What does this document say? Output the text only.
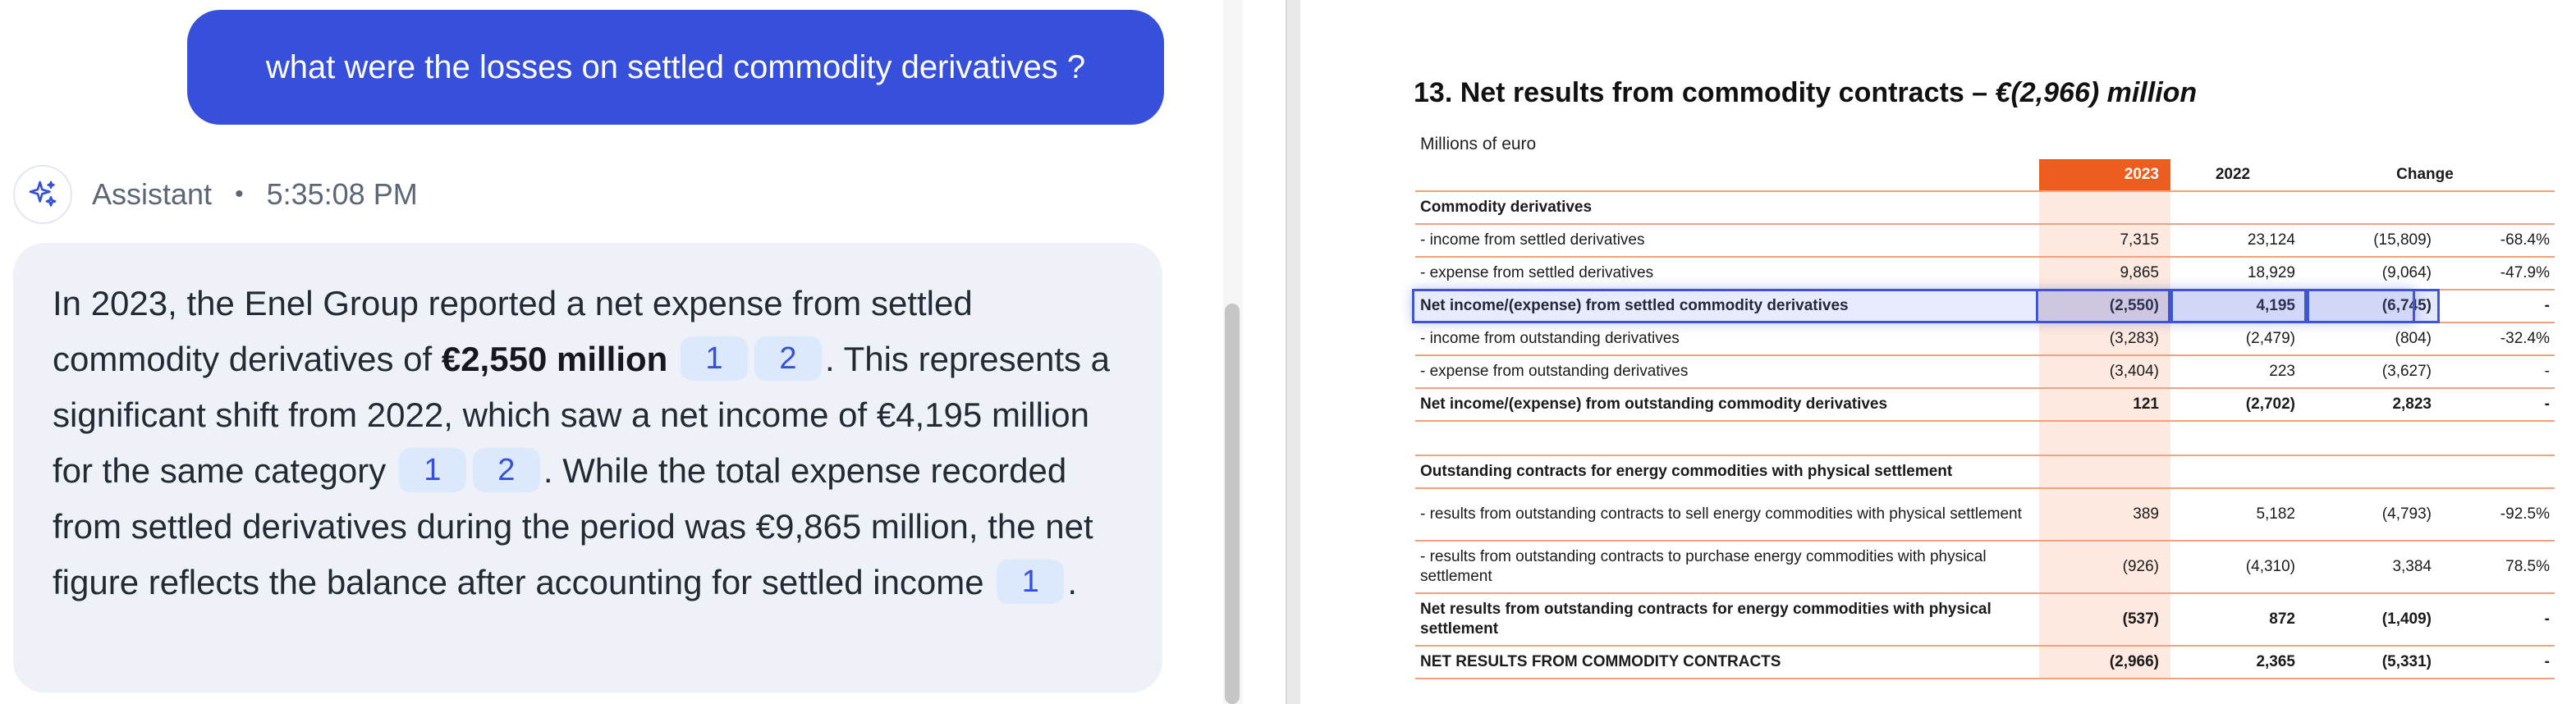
what were the losses on settled commodity derivatives ?
Assistant • 5:35:08 PM
In 2023, the Enel Group reported a net expense from settled commodity derivatives of €2,550 million 1 2 . This represents a significant shift from 2022, which saw a net income of €4,195 million for the same category 1 2 . While the total expense recorded from settled derivatives during the period was €9,865 million, the net figure reflects the balance after accounting for settled income 1 .
13. Net results from commodity contracts – €(2,966) million
Millions of euro
2023	2022	Change
Commodity derivatives
- income from settled derivatives	7,315	23,124	(15,809)	-68.4%
- expense from settled derivatives	9,865	18,929	(9,064)	-47.9%
Net income/(expense) from settled commodity derivatives	(2,550)	4,195	(6,745)	-
- income from outstanding derivatives	(3,283)	(2,479)	(804)	-32.4%
- expense from outstanding derivatives	(3,404)	223	(3,627)	-
Net income/(expense) from outstanding commodity derivatives	121	(2,702)	2,823	-
Outstanding contracts for energy commodities with physical settlement
- results from outstanding contracts to sell energy commodities with physical settlement	389	5,182	(4,793)	-92.5%
- results from outstanding contracts to purchase energy commodities with physical settlement
(926)	(4,310)	3,384	78.5%
Net results from outstanding contracts for energy commodities with physical settlement
(537)	872	(1,409)	-
NET RESULTS FROM COMMODITY CONTRACTS	(2,966)	2,365	(5,331)	-
